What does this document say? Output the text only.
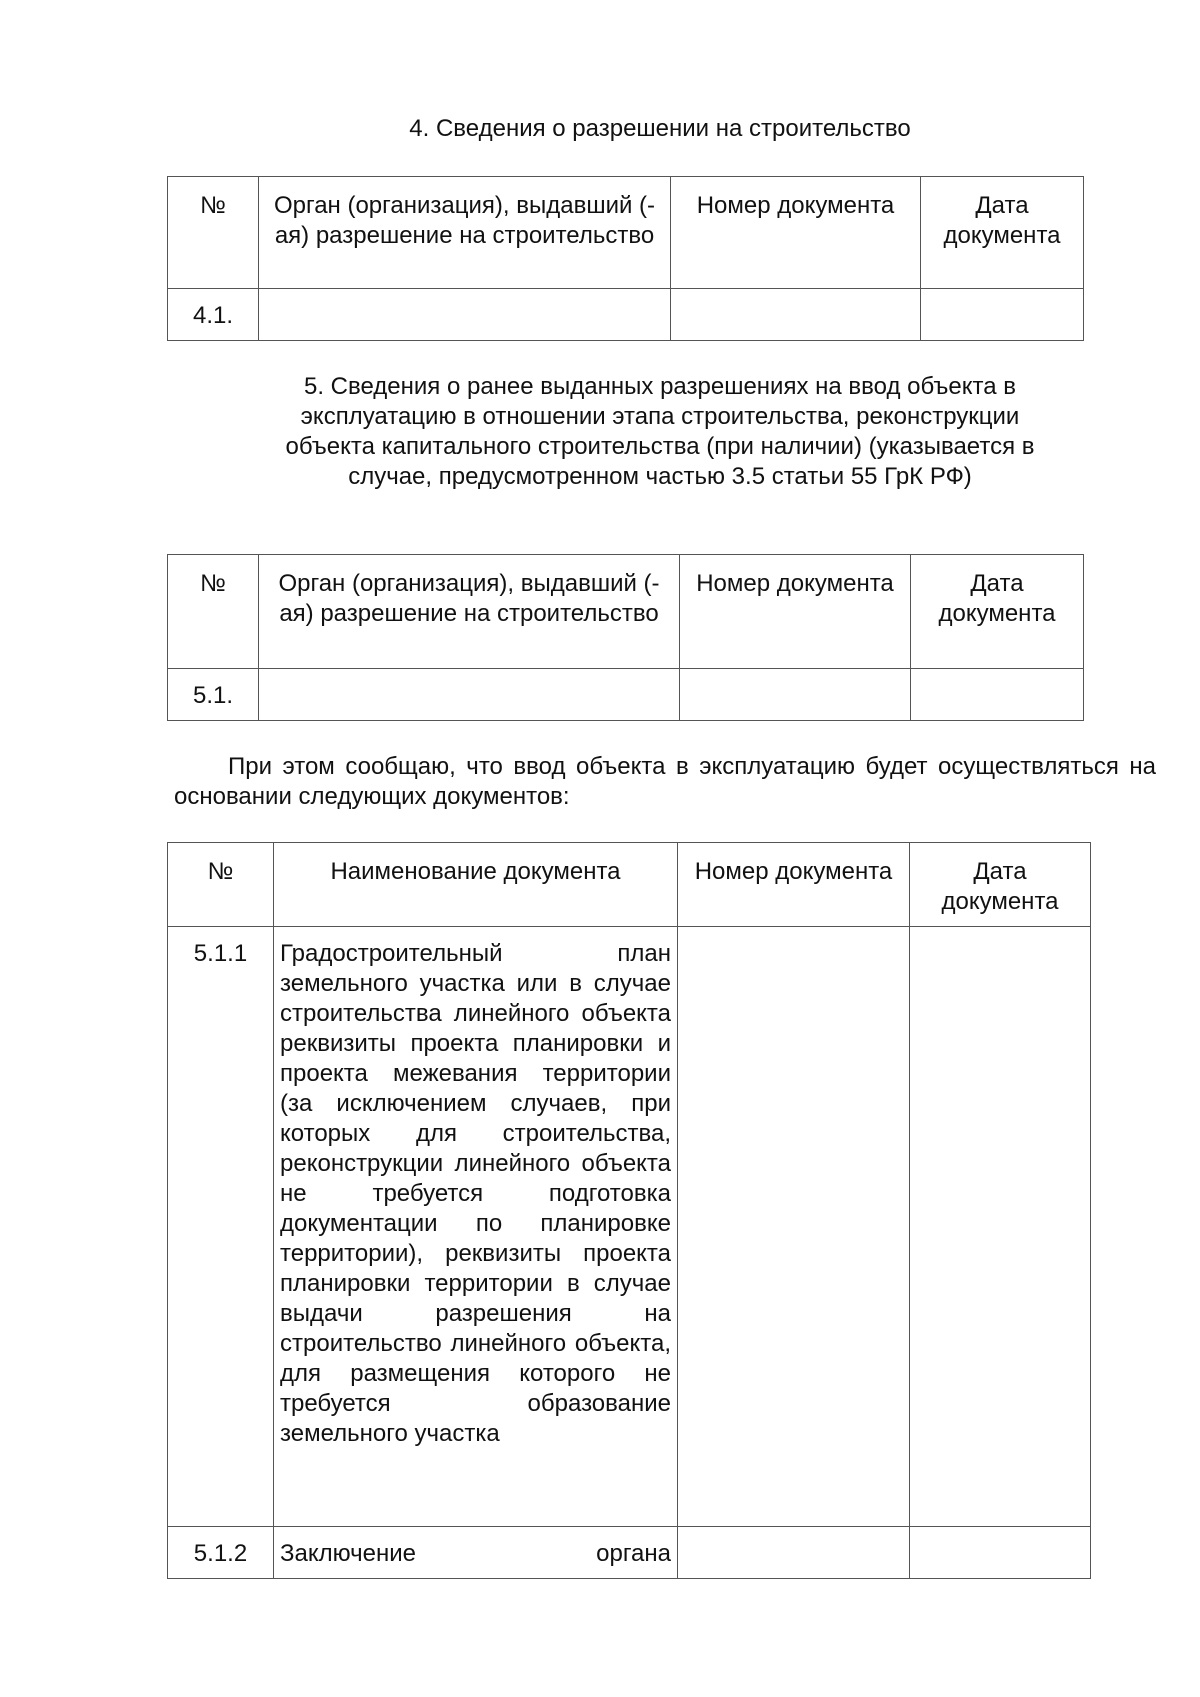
4. Сведения о разрешении на строительство
№	Орган (организация), выдавший (-ая) разрешение на строительство	Номер документа	Дата документа
4.1.			
5. Сведения о ранее выданных разрешениях на ввод объекта в эксплуатацию в отношении этапа строительства, реконструкции объекта капитального строительства (при наличии) (указывается в случае, предусмотренном частью 3.5 статьи 55 ГрК РФ)
№	Орган (организация), выдавший (-ая) разрешение на строительство	Номер документа	Дата документа
5.1.			
При этом сообщаю, что ввод объекта в эксплуатацию будет осуществляться на основании следующих документов:
№	Наименование документа	Номер документа	Дата документа
5.1.1	Градостроительный план земельного участка или в случае строительства линейного объекта реквизиты проекта планировки и проекта межевания территории (за исключением случаев, при которых для строительства, реконструкции линейного объекта не требуется подготовка документации по планировке территории), реквизиты проекта планировки территории в случае выдачи разрешения на строительство линейного объекта, для размещения которого не требуется образование земельного участка		
5.1.2	Заключение органа		
